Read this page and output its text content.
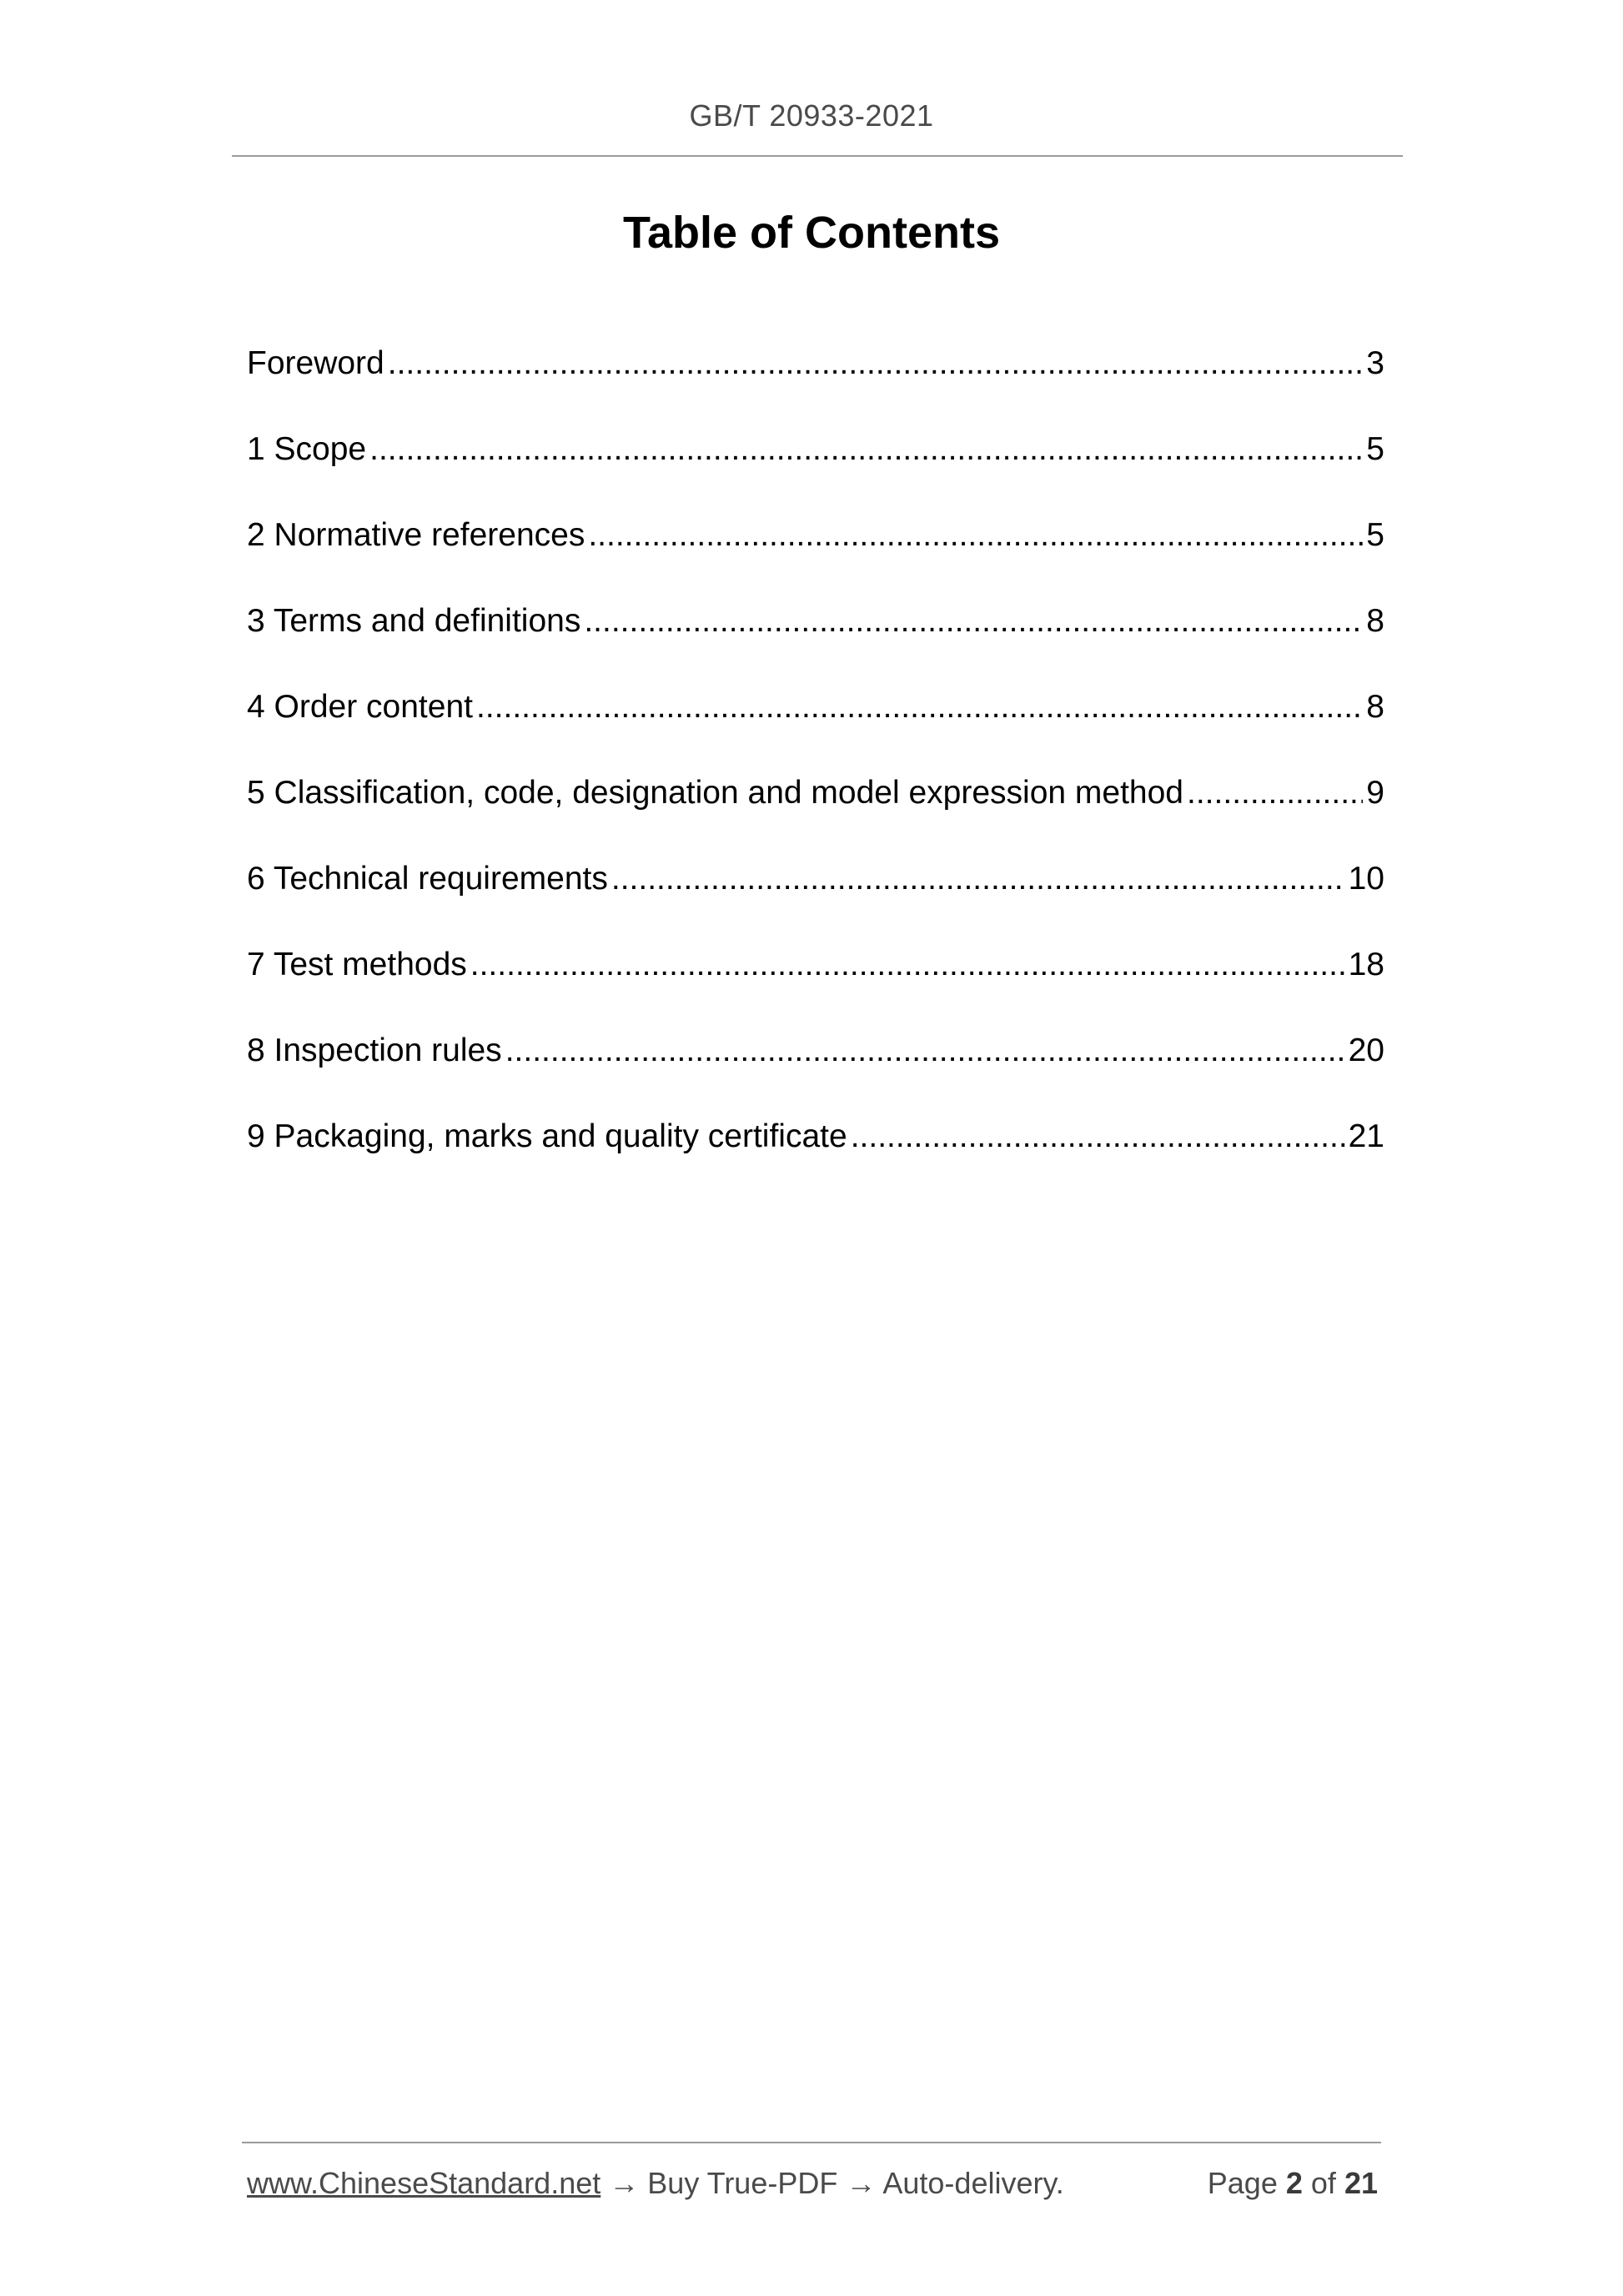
GB/T 20933-2021
Table of Contents
Foreword .....	3
1 Scope .....	5
2 Normative references .....	5
3 Terms and definitions .....	8
4 Order content .....	8
5 Classification, code, designation and model expression method .....	9
6 Technical requirements .....	10
7 Test methods .....	18
8 Inspection rules .....	20
9 Packaging, marks and quality certificate .....	21
www.ChineseStandard.net → Buy True-PDF → Auto-delivery.	Page 2 of 21
